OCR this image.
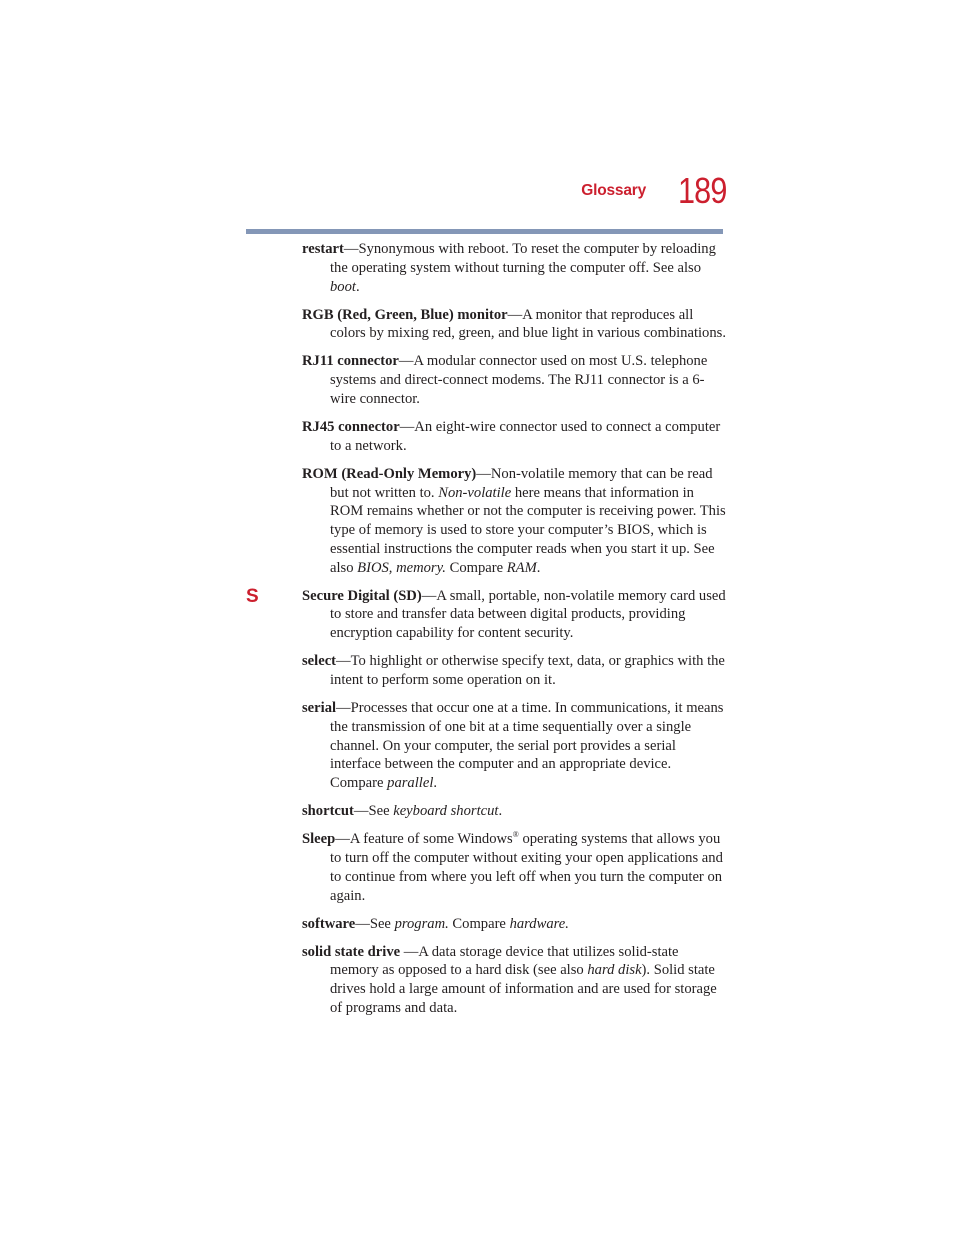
Glossary 189

restart—Synonymous with reboot. To reset the computer by reloading the operating system without turning the computer off. See also boot.

RGB (Red, Green, Blue) monitor—A monitor that reproduces all colors by mixing red, green, and blue light in various combinations.

RJ11 connector—A modular connector used on most U.S. telephone systems and direct-connect modems. The RJ11 connector is a 6-wire connector.

RJ45 connector—An eight-wire connector used to connect a computer to a network.

ROM (Read-Only Memory)—Non-volatile memory that can be read but not written to. Non-volatile here means that information in ROM remains whether or not the computer is receiving power. This type of memory is used to store your computer’s BIOS, which is essential instructions the computer reads when you start it up. See also BIOS, memory. Compare RAM.

S	Secure Digital (SD)—A small, portable, non-volatile memory card used to store and transfer data between digital products, providing encryption capability for content security.

select—To highlight or otherwise specify text, data, or graphics with the intent to perform some operation on it.

serial—Processes that occur one at a time. In communications, it means the transmission of one bit at a time sequentially over a single channel. On your computer, the serial port provides a serial interface between the computer and an appropriate device. Compare parallel.

shortcut—See keyboard shortcut.

Sleep—A feature of some Windows® operating systems that allows you to turn off the computer without exiting your open applications and to continue from where you left off when you turn the computer on again.

software—See program. Compare hardware.

solid state drive —A data storage device that utilizes solid-state memory as opposed to a hard disk (see also hard disk). Solid state drives hold a large amount of information and are used for storage of programs and data.
